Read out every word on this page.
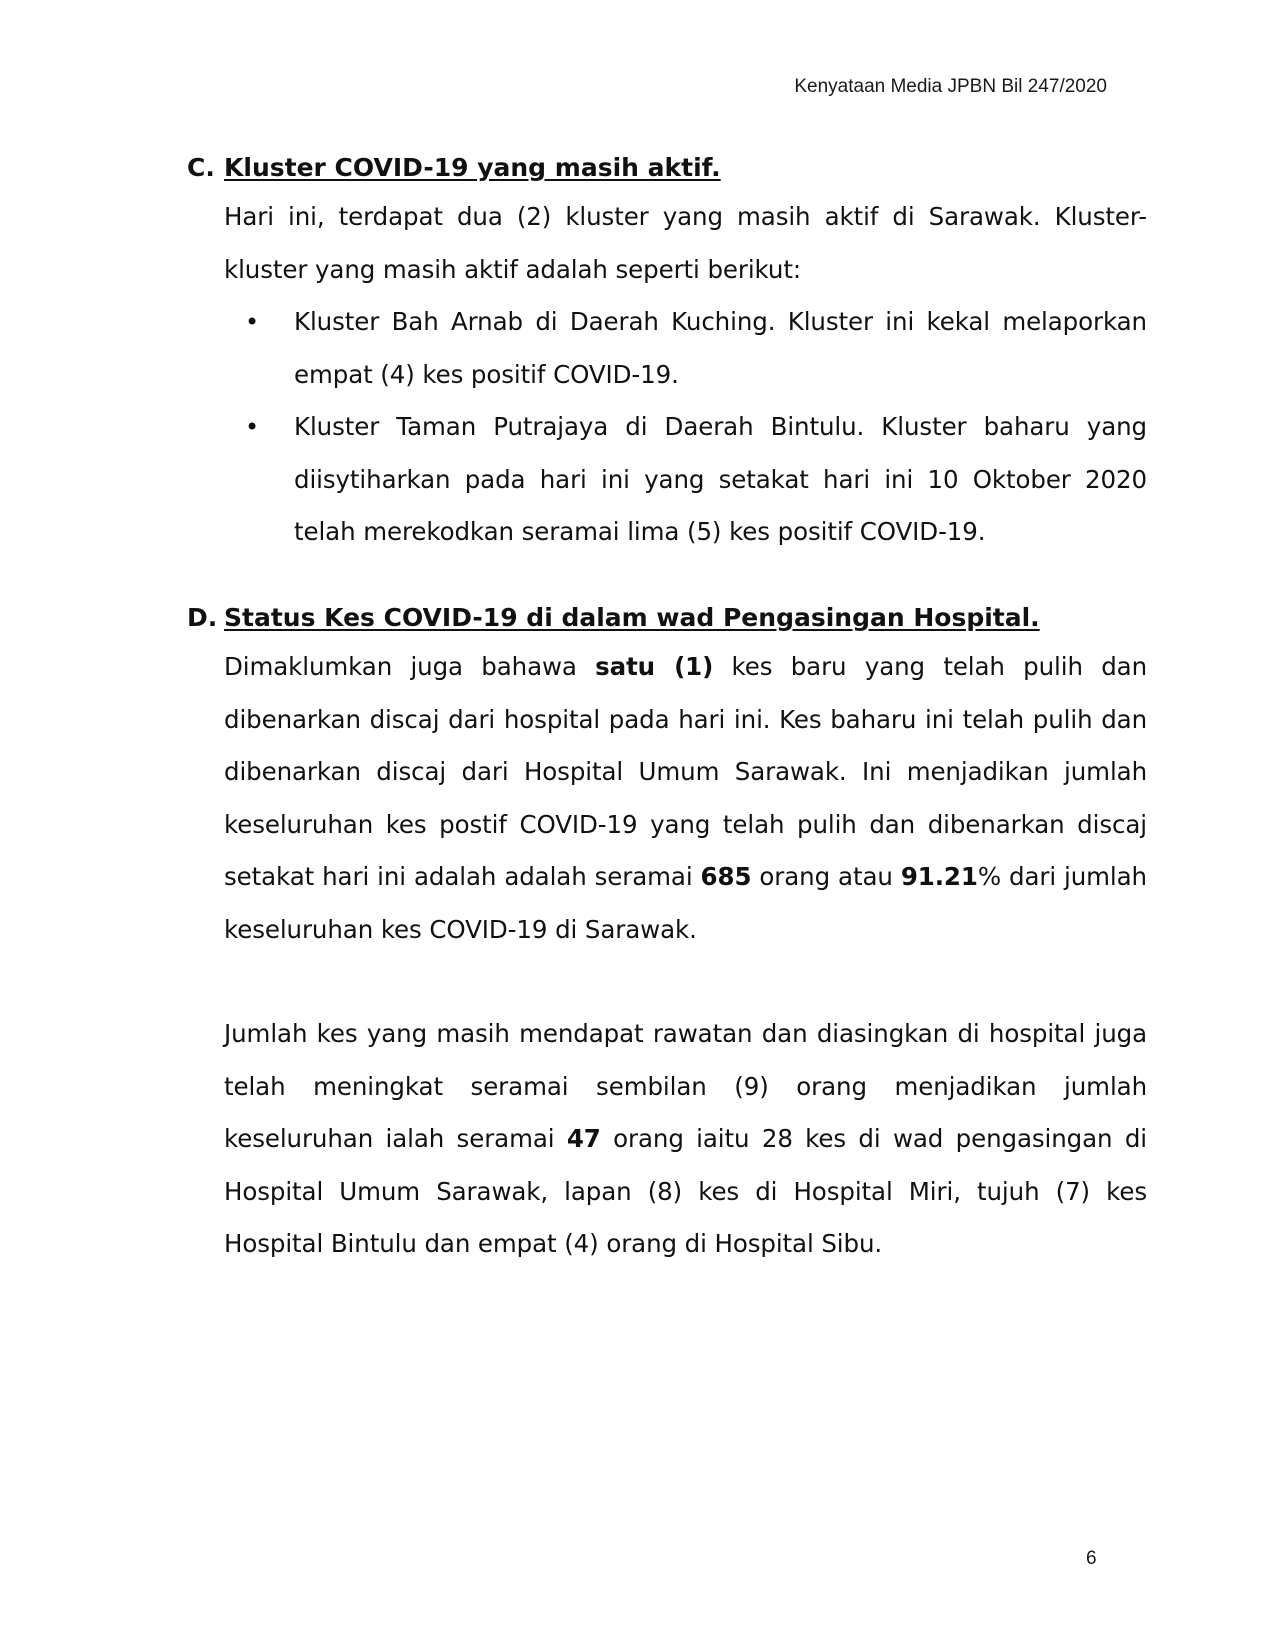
Kenyataan Media JPBN Bil 247/2020
C. Kluster COVID-19 yang masih aktif.
Hari ini, terdapat dua (2) kluster yang masih aktif di Sarawak. Kluster-kluster yang masih aktif adalah seperti berikut:
•	Kluster Bah Arnab di Daerah Kuching. Kluster ini kekal melaporkan empat (4) kes positif COVID-19.
•	Kluster Taman Putrajaya di Daerah Bintulu. Kluster baharu yang diisytiharkan pada hari ini yang setakat hari ini 10 Oktober 2020 telah merekodkan seramai lima (5) kes positif COVID-19.
D. Status Kes COVID-19 di dalam wad Pengasingan Hospital.
Dimaklumkan juga bahawa satu (1) kes baru yang telah pulih dan dibenarkan discaj dari hospital pada hari ini. Kes baharu ini telah pulih dan dibenarkan discaj dari Hospital Umum Sarawak. Ini menjadikan jumlah keseluruhan kes postif COVID-19 yang telah pulih dan dibenarkan discaj setakat hari ini adalah adalah seramai 685 orang atau 91.21% dari jumlah keseluruhan kes COVID-19 di Sarawak.
Jumlah kes yang masih mendapat rawatan dan diasingkan di hospital juga telah meningkat seramai sembilan (9) orang menjadikan jumlah keseluruhan ialah seramai 47 orang iaitu 28 kes di wad pengasingan di Hospital Umum Sarawak, lapan (8) kes di Hospital Miri, tujuh (7) kes Hospital Bintulu dan empat (4) orang di Hospital Sibu.
6
